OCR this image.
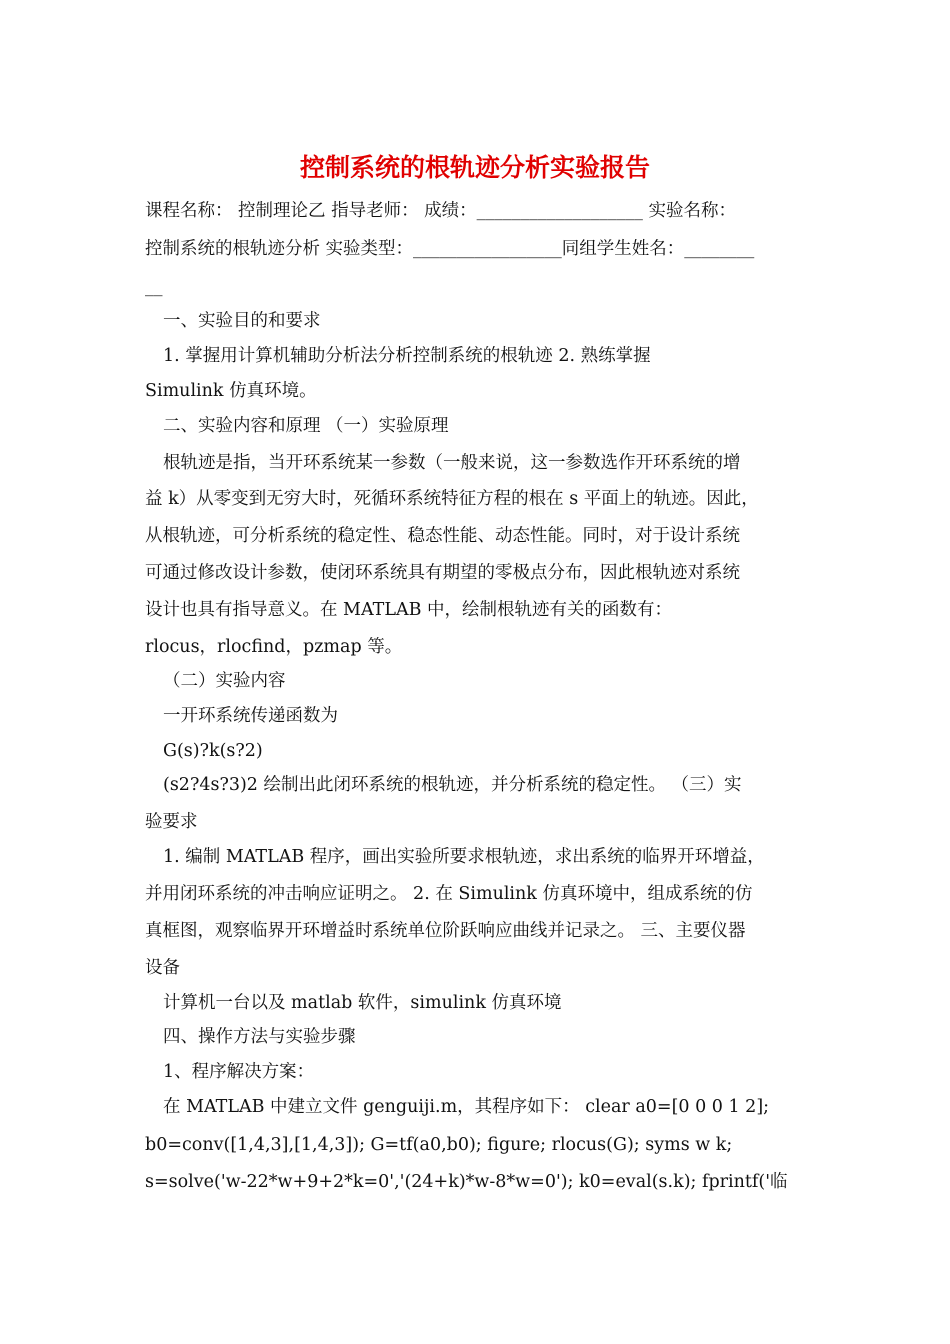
控制系统的根轨迹分析实验报告
课程名称： 控制理论乙 指导老师： 成绩：___________________ 实验名称：
控制系统的根轨迹分析 实验类型：_________________同组学生姓名：________
__
一、实验目的和要求
1. 掌握用计算机辅助分析法分析控制系统的根轨迹 2. 熟练掌握
Simulink 仿真环境。
二、实验内容和原理 （一）实验原理
根轨迹是指，当开环系统某一参数（一般来说，这一参数选作开环系统的增
益 k）从零变到无穷大时，死循环系统特征方程的根在 s 平面上的轨迹。因此，
从根轨迹，可分析系统的稳定性、稳态性能、动态性能。同时，对于设计系统
可通过修改设计参数，使闭环系统具有期望的零极点分布，因此根轨迹对系统
设计也具有指导意义。在 MATLAB 中，绘制根轨迹有关的函数有：
rlocus，rlocfind，pzmap 等。
（二）实验内容
一开环系统传递函数为
G(s)?k(s?2)
(s2?4s?3)2 绘制出此闭环系统的根轨迹，并分析系统的稳定性。 （三）实
验要求
1. 编制 MATLAB 程序，画出实验所要求根轨迹，求出系统的临界开环增益，
并用闭环系统的冲击响应证明之。 2. 在 Simulink 仿真环境中，组成系统的仿
真框图，观察临界开环增益时系统单位阶跃响应曲线并记录之。 三、主要仪器
设备
计算机一台以及 matlab 软件，simulink 仿真环境
四、操作方法与实验步骤
1、程序解决方案：
在 MATLAB 中建立文件 genguiji.m，其程序如下： clear a0=[0 0 0 1 2];
b0=conv([1,4,3],[1,4,3]); G=tf(a0,b0); figure; rlocus(G); syms w k;
s=solve('w-22*w+9+2*k=0','(24+k)*w-8*w=0'); k0=eval(s.k); fprintf('临
